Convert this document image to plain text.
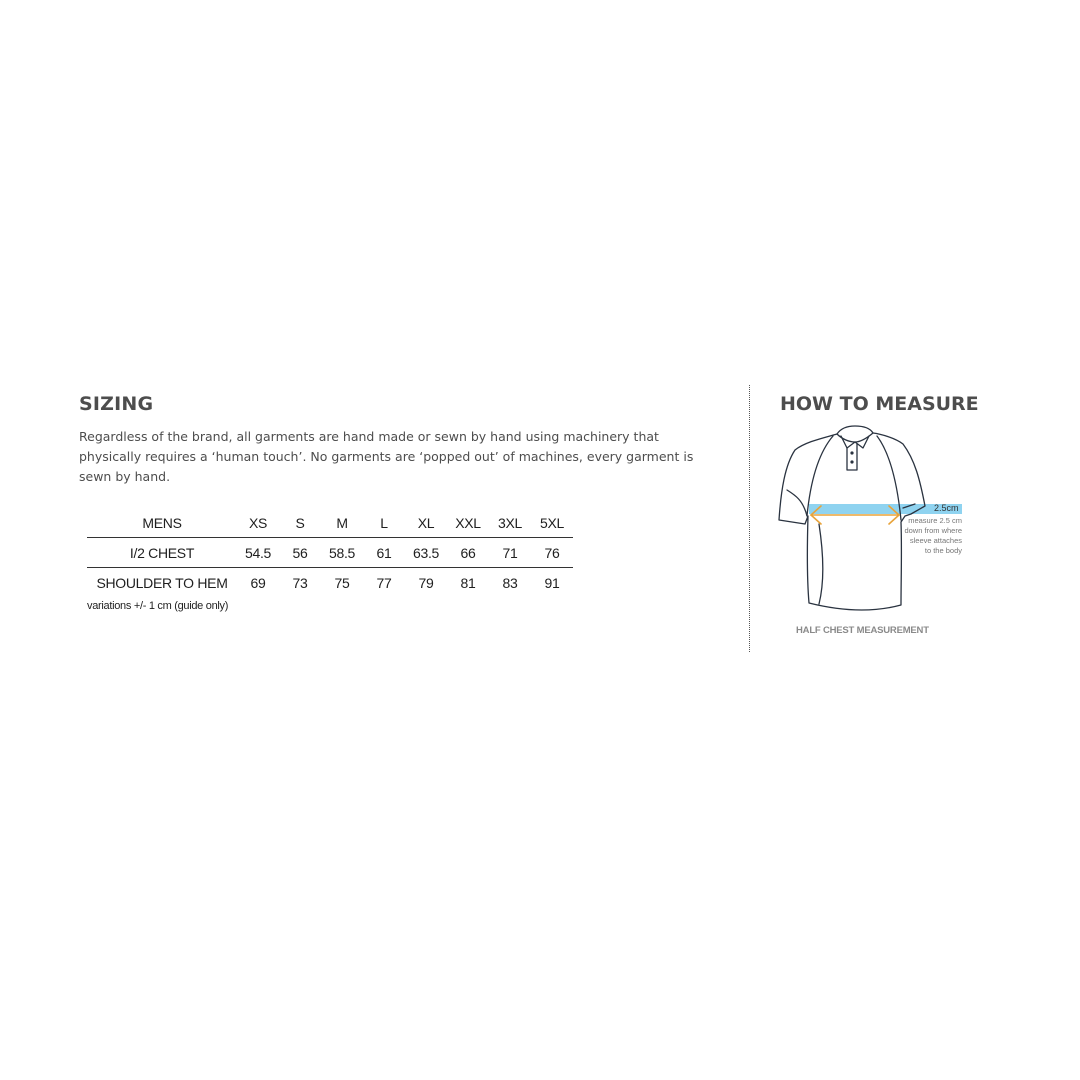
SIZING

Regardless of the brand, all garments are hand made or sewn by hand using machinery that physically requires a ‘human touch’. No garments are ‘popped out’ of machines, every garment is sewn by hand.

MENS	XS	S	M	L	XL	XXL	3XL	5XL
I/2 CHEST	54.5	56	58.5	61	63.5	66	71	76
SHOULDER TO HEM	69	73	75	77	79	81	83	91

variations +/- 1 cm (guide only)

HOW TO MEASURE

2.5cm

measure 2.5 cm
down from where
sleeve attaches
to the body

HALF CHEST MEASUREMENT
